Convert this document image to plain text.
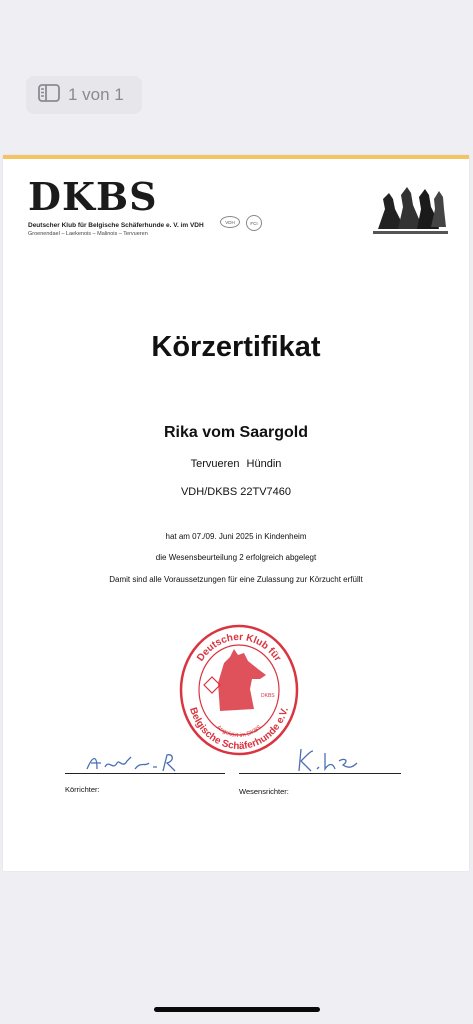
1 von 1
DKBS
Deutscher Klub für Belgische Schäferhunde e. V. im VDH
Groenendael – Laekenois – Malinois – Tervueren
VDH	FCI
Körzertifikat
Rika vom Saargold
Tervueren Hündin
VDH/DKBS 22TV7460
hat am 07./09. Juni 2025 in Kindenheim
die Wesensbeurteilung 2 erfolgreich abgelegt
Damit sind alle Voraussetzungen für eine Zulassung zur Körzucht erfüllt
Deutscher Klub für
Belgische Schäferhunde e.V.
Angekört im DKBS
DKBS
Körrichter:	Wesensrichter:
